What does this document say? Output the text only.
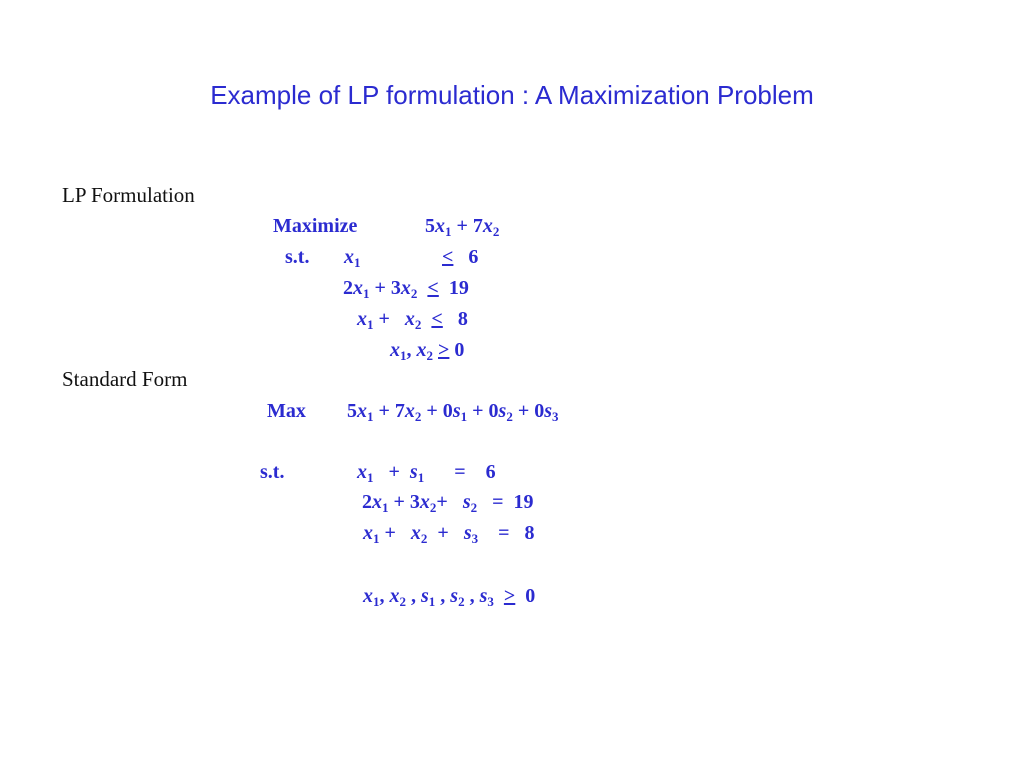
Example of LP formulation : A Maximization Problem
LP Formulation
Maximize	$5x_1 + 7x_2$
s.t. $x_1$	<   6
$2x_1 + 3x_2 < 19$
$x_1 + x_2 < 8$
$x_1$, $x_2 > 0$
Standard Form
Max $5x_1 + 7x_2 + 0s_1 + 0s_2 + 0s_3$
s.t.	$x_1 + s_1$      =    6
$2x_1 + 3x_2+ s_2 = 19$
$x_1 + x_2 + s_3$    =   8
$x_1$, $x_2$ , $s_1$ , $s_2$ , $s_3 > 0$
